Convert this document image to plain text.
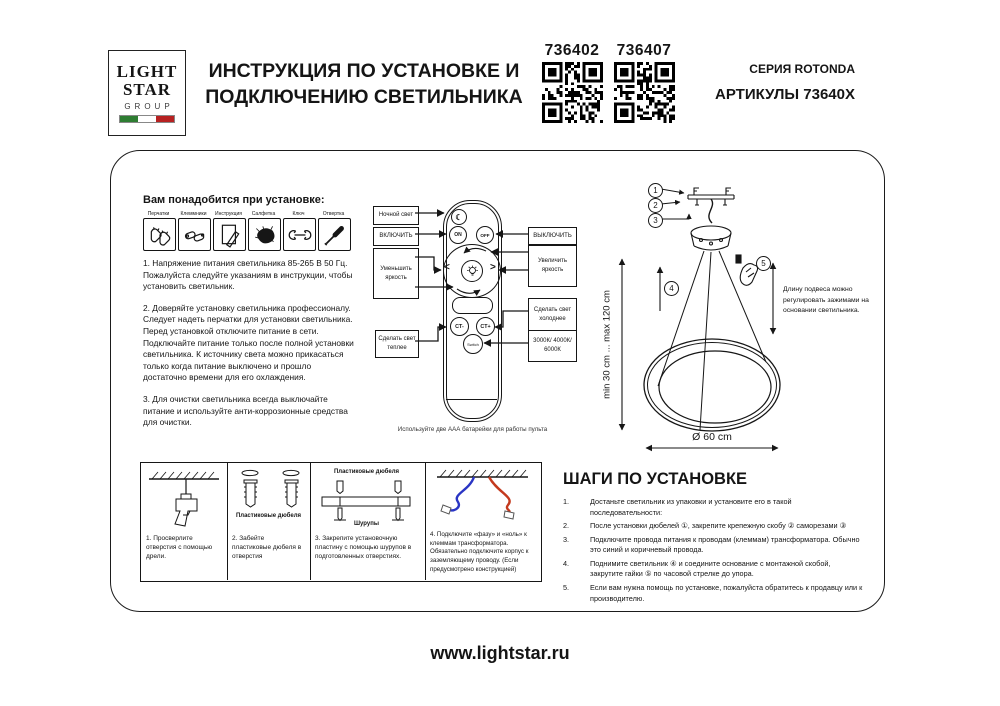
LIGHT
STAR
GROUP
ИНСТРУКЦИЯ ПО УСТАНОВКЕ И
ПОДКЛЮЧЕНИЮ СВЕТИЛЬНИКА
736402 736407
СЕРИЯ ROTONDA
АРТИКУЛЫ 73640X
Вам понадобится при установке:
Перчатки	Клеммники	Инструкция	Салфетка	Ключ	Отвертка

1. Напряжение питания светильника 85-265 В 50 Гц. Пожалуйста следуйте указаниям в инструкции, чтобы установить светильник.

2. Доверяйте установку светильника профессионалу. Следует надеть перчатки для установки светильника. Перед установкой отключите питание в сети. Подключайте питание только после полной установки светильника. К источнику света можно прикасаться только когда питание выключено и прошло достаточно времени для его охлаждения.

3. Для очистки светильника всегда выключайте питание и используйте анти-коррозионные средства для очистки.

☾
ON	OFF
<	>
CT-	CT+
Switch
Ночной свет
ВКЛЮЧИТЬ
Уменьшить яркость
Сделать свет теплее
ВЫКЛЮЧИТЬ
Увеличить яркость
Сделать свет холоднее
3000К/ 4000К/ 6000К
Используйте две ААА батарейки для работы пульта
1
2
3
4
5
min 30 cm ... max 120 cm
Ø 60 cm
Длину подвеса можно регулировать зажимами на основании светильника.
1. Просверлите отверстия с помощью дрели.
Пластиковые дюбеля
2. Забейте пластиковые дюбеля в отверстия
Пластиковые дюбеля
Шурупы
3. Закрепите установочную пластину с помощью шурупов в подготовленных отверстиях.
4. Подключите «фазу» и «ноль» к клеммам трансформатора. Обязательно подключите корпус к заземляющему проводу. (Если предусмотрено конструкцией)
ШАГИ ПО УСТАНОВКЕ
1.	Достаньте светильник из упаковки и установите его в такой последовательности:
2.	После установки дюбелей ①, закрепите крепежную скобу ② саморезами ③
3.	Подключите провода питания к проводам (клеммам) трансформатора. Обычно это синий и коричневый провода.
4.	Поднимите светильник ④ и соедините основание с монтажной скобой, закрутите гайки ⑤ по часовой стрелке до упора.
5.	Если вам нужна помощь по установке, пожалуйста обратитесь к продавцу или к производителю.
www.lightstar.ru
